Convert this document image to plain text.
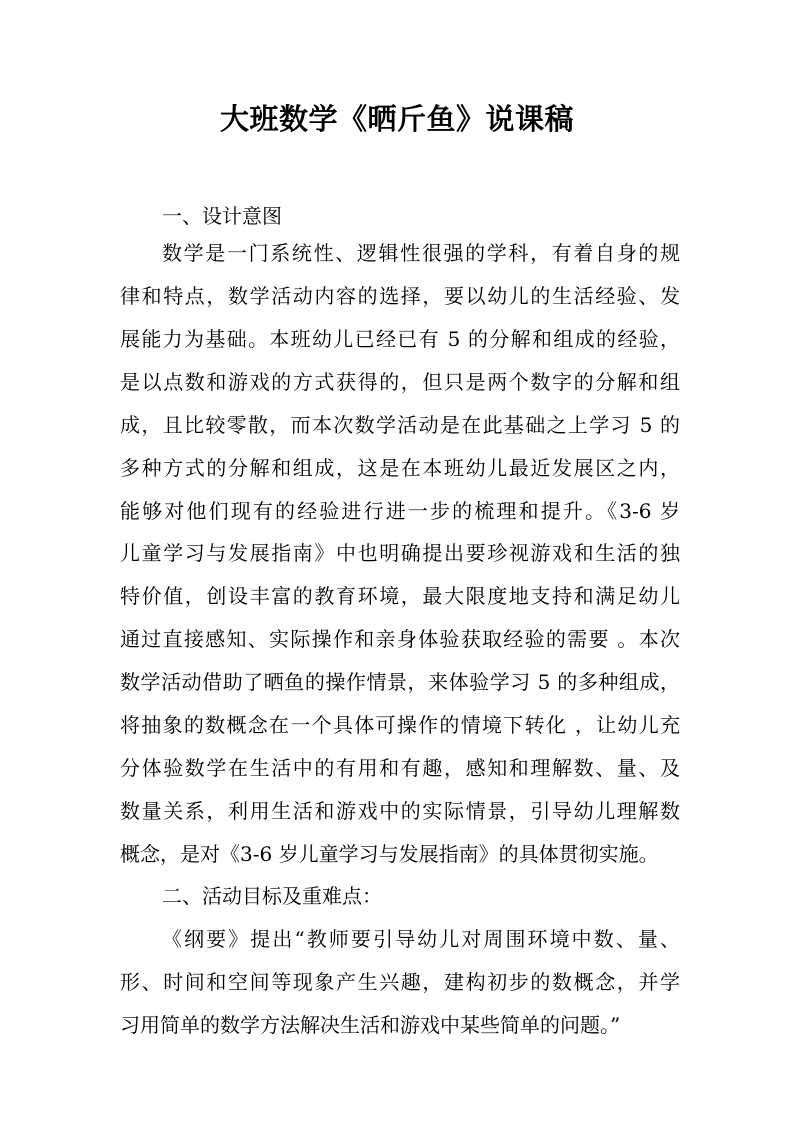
大班数学《晒斤鱼》说课稿
一、设计意图
数学是一门系统性、逻辑性很强的学科，有着自身的规
律和特点，数学活动内容的选择，要以幼儿的生活经验、发
展能力为基础。本班幼儿已经已有 5 的分解和组成的经验，
是以点数和游戏的方式获得的，但只是两个数字的分解和组
成，且比较零散，而本次数学活动是在此基础之上学习 5 的
多种方式的分解和组成，这是在本班幼儿最近发展区之内，
能够对他们现有的经验进行进一步的梳理和提升。《3-6 岁
儿童学习与发展指南》中也明确提出要珍视游戏和生活的独
特价值，创设丰富的教育环境，最大限度地支持和满足幼儿
通过直接感知、实际操作和亲身体验获取经验的需要 。本次
数学活动借助了晒鱼的操作情景，来体验学习 5 的多种组成，
将抽象的数概念在一个具体可操作的情境下转化 ，让幼儿充
分体验数学在生活中的有用和有趣，感知和理解数、量、及
数量关系，利用生活和游戏中的实际情景，引导幼儿理解数
概念，是对《3-6 岁儿童学习与发展指南》的具体贯彻实施。
二、活动目标及重难点：
《纲要》提出“教师要引导幼儿对周围环境中数、量、
形、时间和空间等现象产生兴趣，建构初步的数概念，并学
习用简单的数学方法解决生活和游戏中某些简单的问题。”
